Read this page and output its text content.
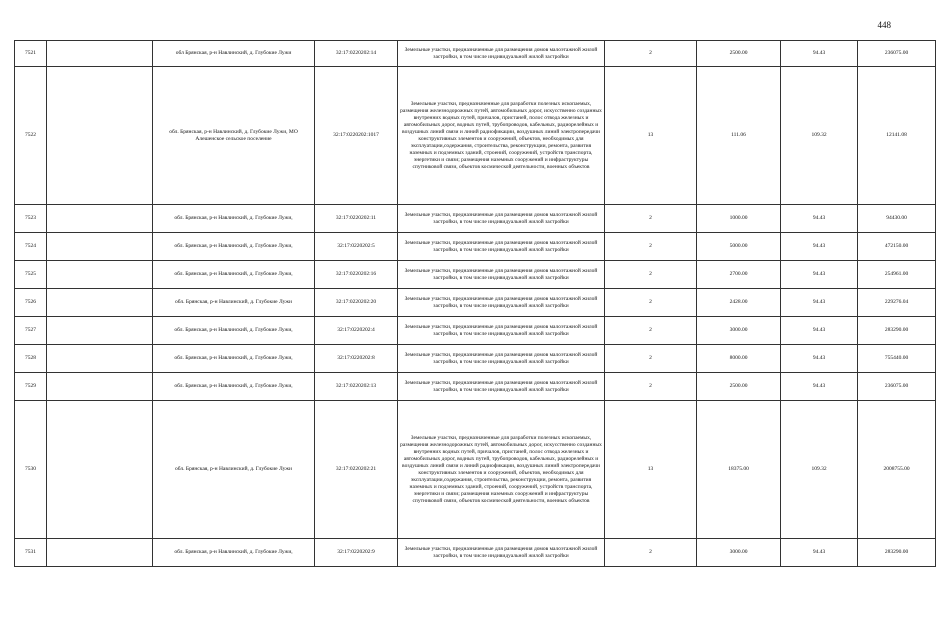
448
7521		обл Брянская, р-н Навлинский, д. Глубокие Лужи	32:17:0220202:14	Земельные участки, предназначенные для размещения домов малоэтажной жилой застройки, в том числе индивидуальной жилой застройки	2	2500.00	94.43	236075.00
7522		обл. Брянская, р-н Навлинский, д. Глубокие Лужи, МО Алешенское сельское поселение	32:17:0220202:1017	Земельные участки, предназначенные для разработки полезных ископаемых, размещения железнодорожных путей, автомобильных дорог, искусственно созданных внутренних водных путей, причалов, пристаней, полос отвода железных и автомобильных дорог, водных путей, трубопроводов, кабельных, радиорелейных и воздушных линий связи и линий радиофикации, воздушных линий электропередачи конструктивных элементов и сооружений, объектов, необходимых для эксплуатации,содержания, строительства, реконструкции, ремонта, развития наземных и подземных зданий, строений, сооружений, устройств транспорта, энергетики и связи; размещения наземных сооружений и инфраструктуры спутниковой связи, объектов космической деятельности, военных объектов	13	111.06	109.32	12141.08
7523		обл. Брянская, р-н Навлинский, д. Глубокие Лужи,	32:17:0220202:11	Земельные участки, предназначенные для размещения домов малоэтажной жилой застройки, в том числе индивидуальной жилой застройки	2	1000.00	94.43	94430.00
7524		обл. Брянская, р-н Навлинский, д. Глубокие Лужи,	32:17:0220202:5	Земельные участки, предназначенные для размещения домов малоэтажной жилой застройки, в том числе индивидуальной жилой застройки	2	5000.00	94.43	472150.00
7525		обл. Брянская, р-н Навлинский, д. Глубокие Лужи,	32:17:0220202:16	Земельные участки, предназначенные для размещения домов малоэтажной жилой застройки, в том числе индивидуальной жилой застройки	2	2700.00	94.43	254961.00
7526		обл. Брянская, р-н Навлинский, д. Глубокие Лужи	32:17:0220202:20	Земельные участки, предназначенные для размещения домов малоэтажной жилой застройки, в том числе индивидуальной жилой застройки	2	2428.00	94.43	229276.04
7527		обл. Брянская, р-н Навлинский, д. Глубокие Лужи,	32:17:0220202:4	Земельные участки, предназначенные для размещения домов малоэтажной жилой застройки, в том числе индивидуальной жилой застройки	2	3000.00	94.43	283290.00
7528		обл. Брянская, р-н Навлинский, д. Глубокие Лужи,	32:17:0220202:8	Земельные участки, предназначенные для размещения домов малоэтажной жилой застройки, в том числе индивидуальной жилой застройки	2	8000.00	94.43	755440.00
7529		обл. Брянская, р-н Навлинский, д. Глубокие Лужи,	32:17:0220202:13	Земельные участки, предназначенные для размещения домов малоэтажной жилой застройки, в том числе индивидуальной жилой застройки	2	2500.00	94.43	236075.00
7530		обл. Брянская, р-н Навлинский, д. Глубокие Лужи	32:17:0220202:21	Земельные участки, предназначенные для разработки полезных ископаемых, размещения железнодорожных путей, автомобильных дорог, искусственно созданных внутренних водных путей, причалов, пристаней, полос отвода железных и автомобильных дорог, водных путей, трубопроводов, кабельных, радиорелейных и воздушных линий связи и линий радиофикации, воздушных линий электропередачи конструктивных элементов и сооружений, объектов, необходимых для эксплуатации,содержания, строительства, реконструкции, ремонта, развития наземных и подземных зданий, строений, сооружений, устройств транспорта, энергетики и связи; размещения наземных сооружений и инфраструктуры спутниковой связи, объектов космической деятельности, военных объектов	13	18375.00	109.32	2008755.00
7531		обл. Брянская, р-н Навлинский, д. Глубокие Лужи,	32:17:0220202:9	Земельные участки, предназначенные для размещения домов малоэтажной жилой застройки, в том числе индивидуальной жилой застройки	2	3000.00	94.43	283290.00
